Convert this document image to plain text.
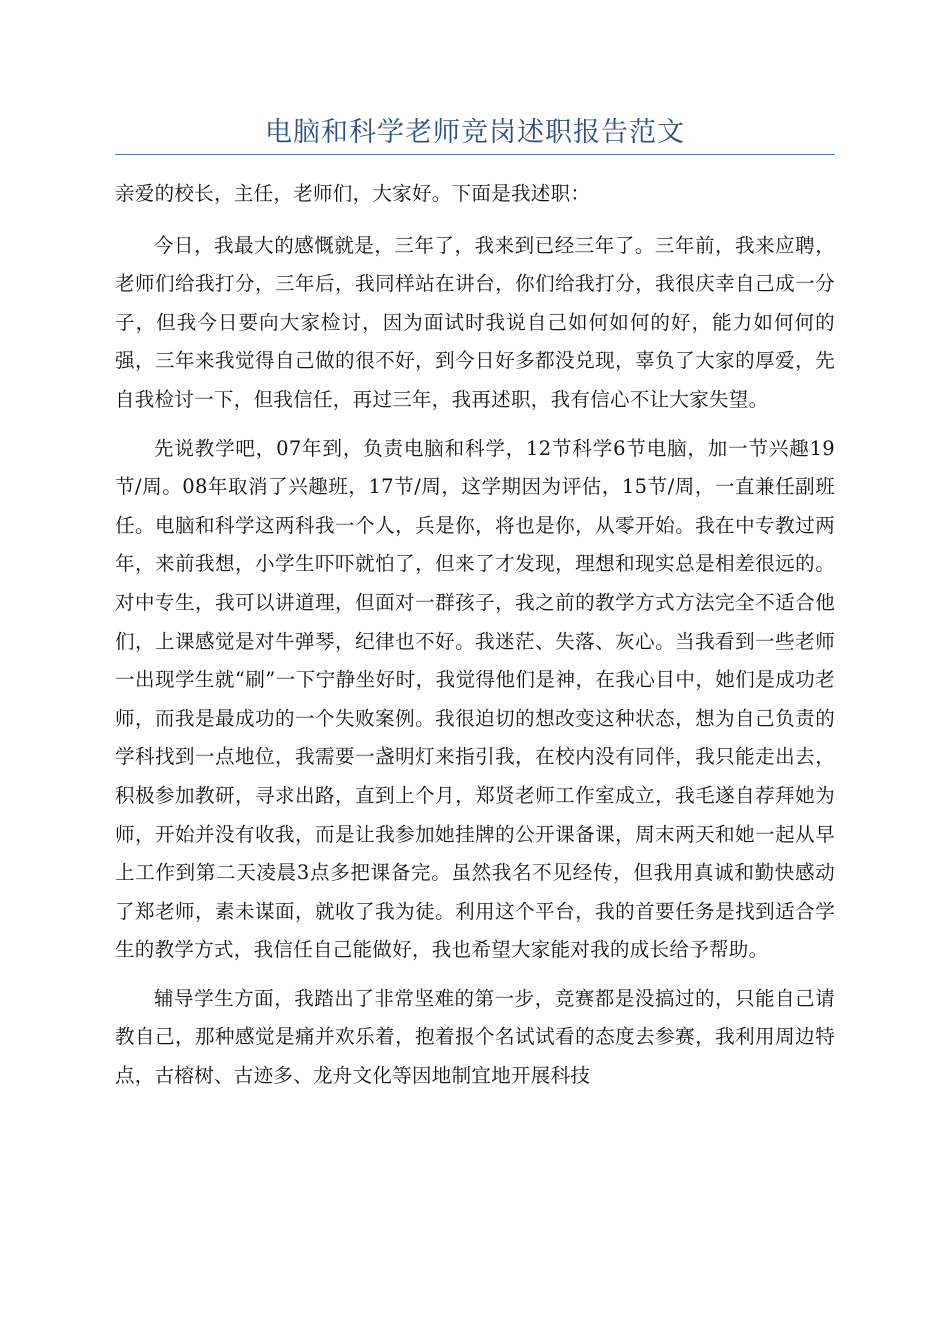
电脑和科学老师竞岗述职报告范文

亲爱的校长，主任，老师们，大家好。下面是我述职：

今日，我最大的感慨就是，三年了，我来到已经三年了。三年前，我来应聘，老师们给我打分，三年后，我同样站在讲台，你们给我打分，我很庆幸自己成一分子，但我今日要向大家检讨，因为面试时我说自己如何如何的好，能力如何何的强，三年来我觉得自己做的很不好，到今日好多都没兑现，辜负了大家的厚爱，先自我检讨一下，但我信任，再过三年，我再述职，我有信心不让大家失望。

先说教学吧，07年到，负责电脑和科学，12节科学6节电脑，加一节兴趣19节/周。08年取消了兴趣班，17节/周，这学期因为评估，15节/周，一直兼任副班任。电脑和科学这两科我一个人，兵是你，将也是你，从零开始。我在中专教过两年，来前我想，小学生吓吓就怕了，但来了才发现，理想和现实总是相差很远的。对中专生，我可以讲道理，但面对一群孩子，我之前的教学方式方法完全不适合他们，上课感觉是对牛弹琴，纪律也不好。我迷茫、失落、灰心。当我看到一些老师一出现学生就“刷”一下宁静坐好时，我觉得他们是神，在我心目中，她们是成功老师，而我是最成功的一个失败案例。我很迫切的想改变这种状态，想为自己负责的学科找到一点地位，我需要一盏明灯来指引我，在校内没有同伴，我只能走出去，积极参加教研，寻求出路，直到上个月，郑贤老师工作室成立，我毛遂自荐拜她为师，开始并没有收我，而是让我参加她挂牌的公开课备课，周末两天和她一起从早上工作到第二天凌晨3点多把课备完。虽然我名不见经传，但我用真诚和勤快感动了郑老师，素未谋面，就收了我为徒。利用这个平台，我的首要任务是找到适合学生的教学方式，我信任自己能做好，我也希望大家能对我的成长给予帮助。

辅导学生方面，我踏出了非常坚难的第一步，竞赛都是没搞过的，只能自己请教自己，那种感觉是痛并欢乐着，抱着报个名试试看的态度去参赛，我利用周边特点，古榕树、古迹多、龙舟文化等因地制宜地开展科技
